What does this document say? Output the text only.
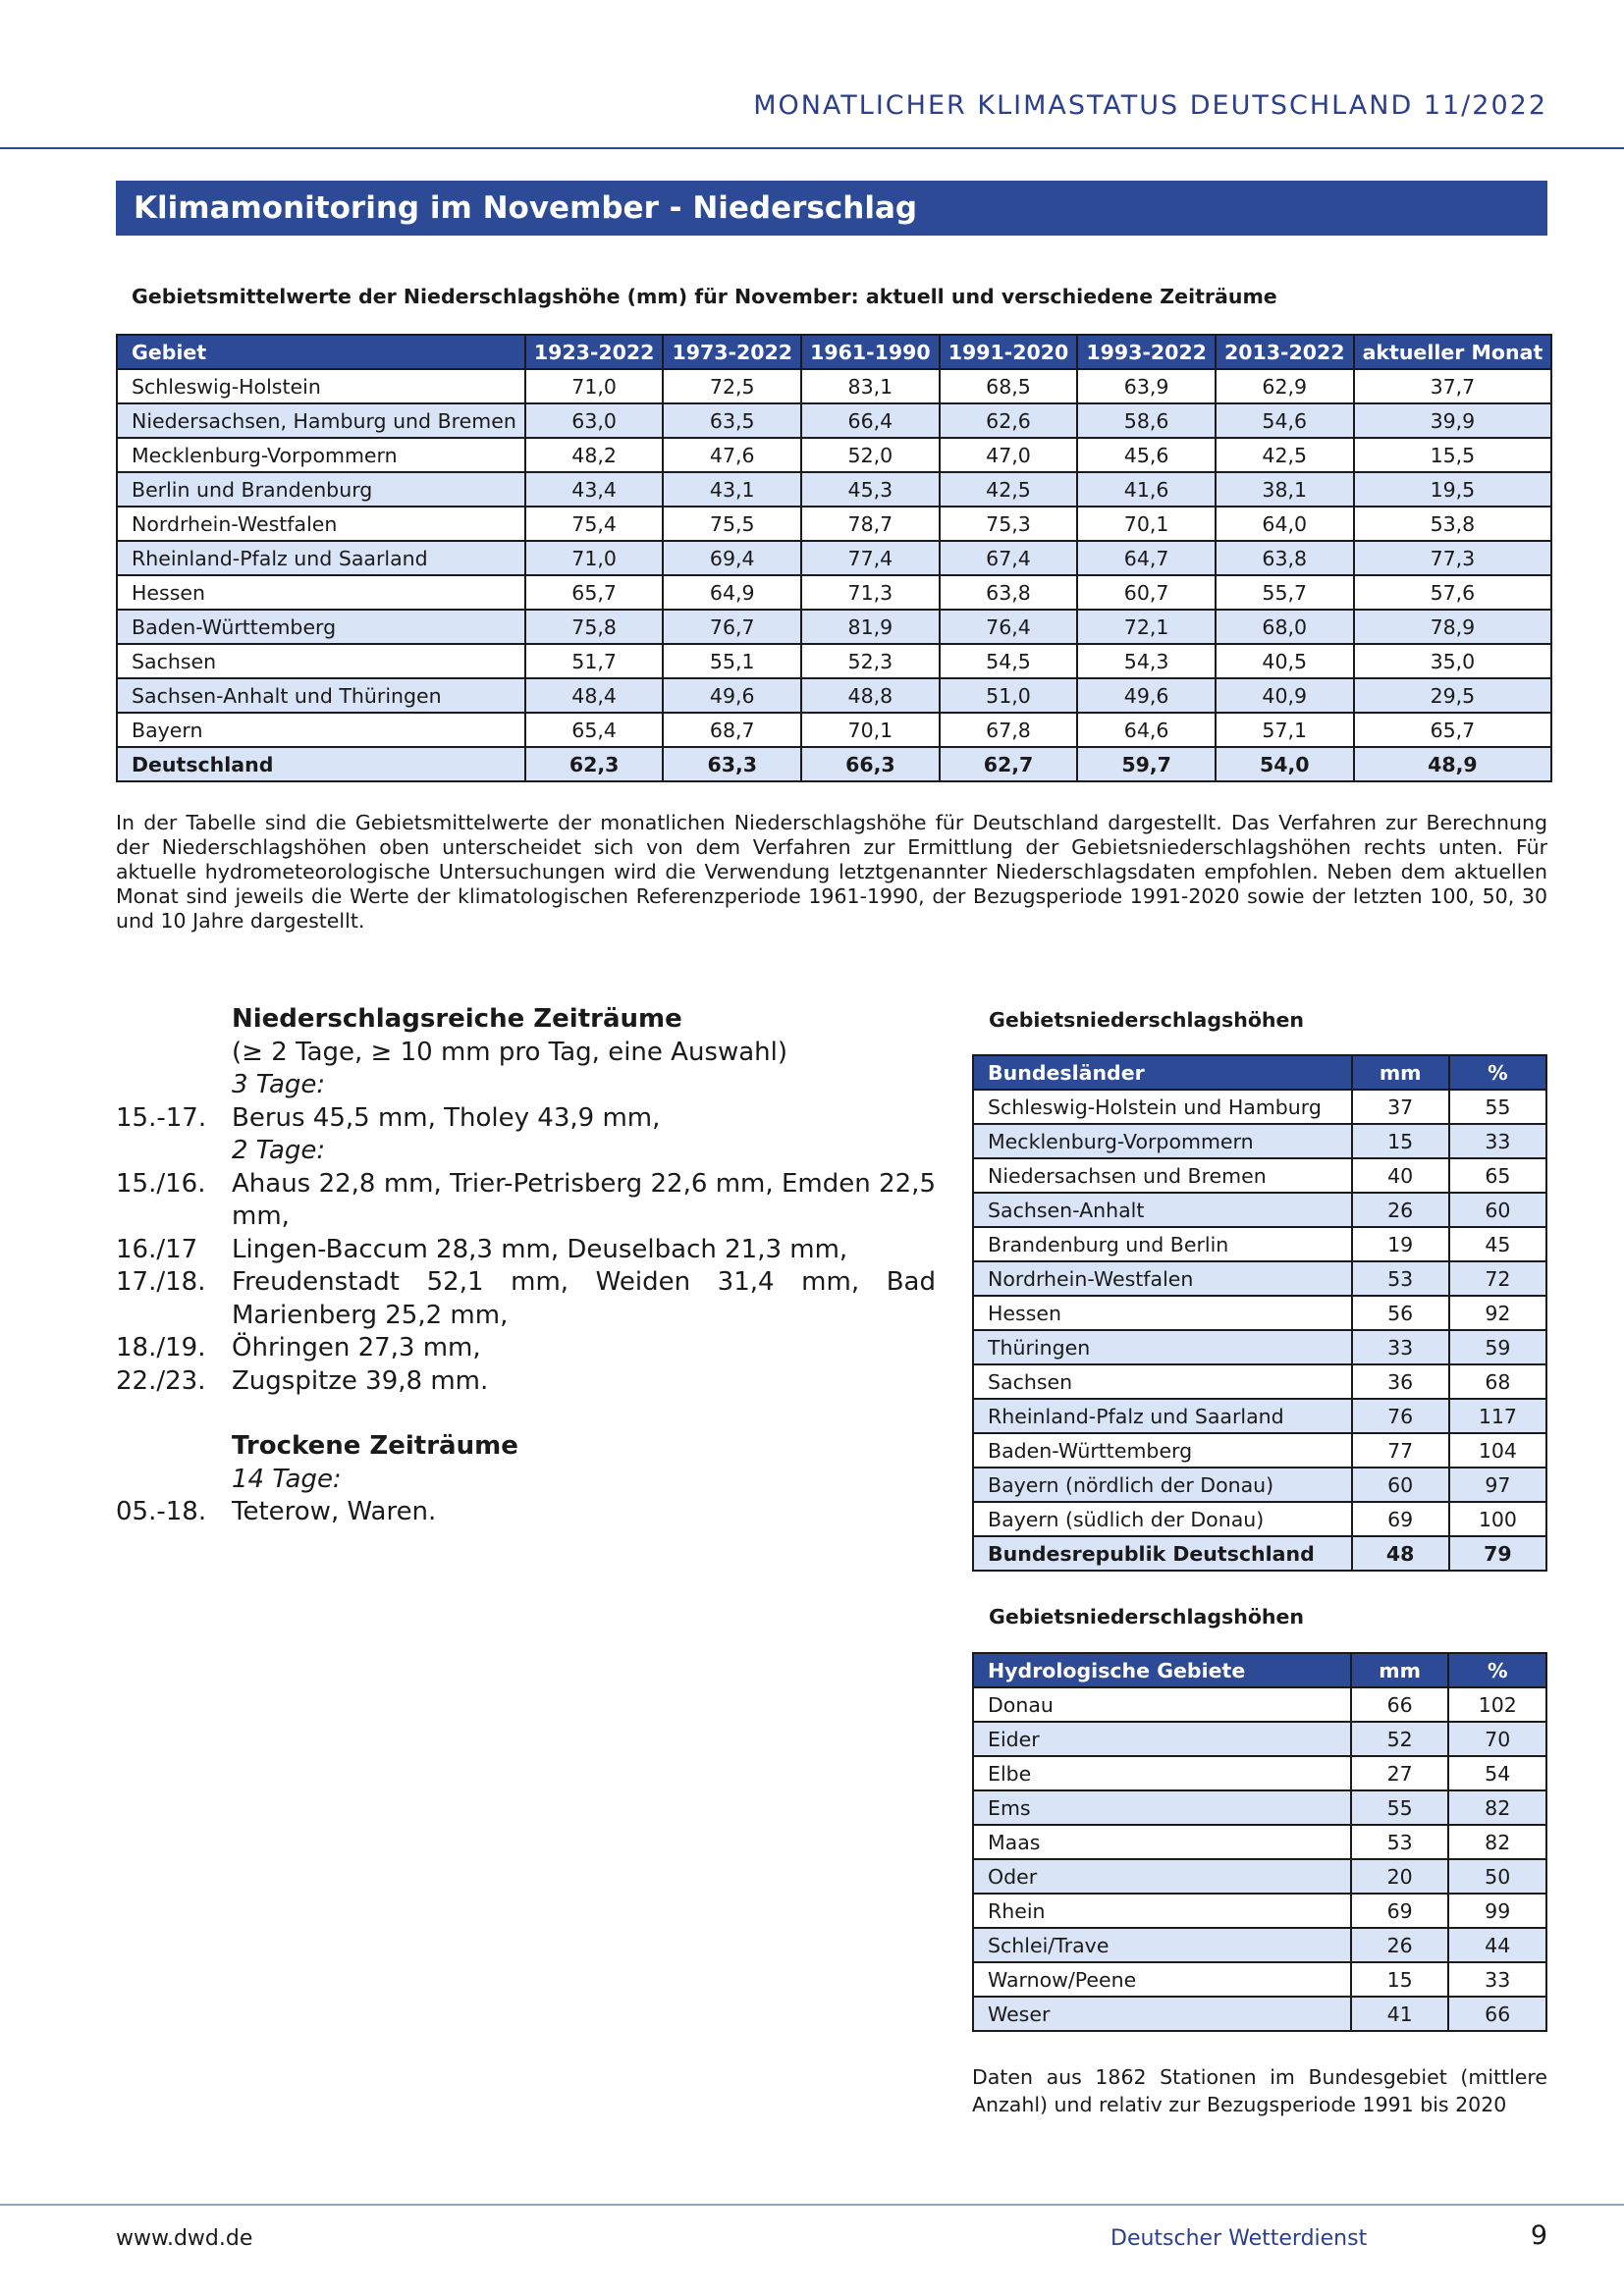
MONATLICHER KLIMASTATUS DEUTSCHLAND 11/2022
Klimamonitoring im November - Niederschlag
Gebietsmittelwerte der Niederschlagshöhe (mm) für November: aktuell und verschiedene Zeiträume
Gebiet	1923-2022	1973-2022	1961-1990	1991-2020	1993-2022	2013-2022	aktueller Monat
Schleswig-Holstein	71,0	72,5	83,1	68,5	63,9	62,9	37,7
Niedersachsen, Hamburg und Bremen	63,0	63,5	66,4	62,6	58,6	54,6	39,9
Mecklenburg-Vorpommern	48,2	47,6	52,0	47,0	45,6	42,5	15,5
Berlin und Brandenburg	43,4	43,1	45,3	42,5	41,6	38,1	19,5
Nordrhein-Westfalen	75,4	75,5	78,7	75,3	70,1	64,0	53,8
Rheinland-Pfalz und Saarland	71,0	69,4	77,4	67,4	64,7	63,8	77,3
Hessen	65,7	64,9	71,3	63,8	60,7	55,7	57,6
Baden-Württemberg	75,8	76,7	81,9	76,4	72,1	68,0	78,9
Sachsen	51,7	55,1	52,3	54,5	54,3	40,5	35,0
Sachsen-Anhalt und Thüringen	48,4	49,6	48,8	51,0	49,6	40,9	29,5
Bayern	65,4	68,7	70,1	67,8	64,6	57,1	65,7
Deutschland	62,3	63,3	66,3	62,7	59,7	54,0	48,9
In der Tabelle sind die Gebietsmittelwerte der monatlichen Niederschlagshöhe für Deutschland dargestellt. Das Verfahren zur Berechnung der Niederschlagshöhen oben unterscheidet sich von dem Verfahren zur Ermittlung der Gebietsniederschlagshöhen rechts unten. Für aktuelle hydrometeorologische Untersuchungen wird die Verwendung letztgenannter Niederschlagsdaten empfohlen. Neben dem aktuellen Monat sind jeweils die Werte der klimatologischen Referenzperiode 1961-1990, der Bezugsperiode 1991-2020 sowie der letzten 100, 50, 30 und 10 Jahre dargestellt.
Niederschlagsreiche Zeiträume
(≥ 2 Tage, ≥ 10 mm pro Tag, eine Auswahl)
3 Tage:
15.-17. Berus 45,5 mm, Tholey 43,9 mm,
2 Tage:
15./16.	Ahaus 22,8 mm, Trier-Petrisberg 22,6 mm, Emden 22,5 mm,
16./17	Lingen-Baccum 28,3 mm, Deuselbach 21,3 mm,
17./18.	Freudenstadt 52,1 mm, Weiden 31,4 mm, Bad Marienberg 25,2 mm,
18./19.	Öhringen 27,3 mm,
22./23.	Zugspitze 39,8 mm.
Trockene Zeiträume
14 Tage:
05.-18. Teterow, Waren.
Gebietsniederschlagshöhen
Bundesländer	mm	%
Schleswig-Holstein und Hamburg	37	55
Mecklenburg-Vorpommern	15	33
Niedersachsen und Bremen	40	65
Sachsen-Anhalt	26	60
Brandenburg und Berlin	19	45
Nordrhein-Westfalen	53	72
Hessen	56	92
Thüringen	33	59
Sachsen	36	68
Rheinland-Pfalz und Saarland	76	117
Baden-Württemberg	77	104
Bayern (nördlich der Donau)	60	97
Bayern (südlich der Donau)	69	100
Bundesrepublik Deutschland	48	79
Gebietsniederschlagshöhen
Hydrologische Gebiete	mm	%
Donau	66	102
Eider	52	70
Elbe	27	54
Ems	55	82
Maas	53	82
Oder	20	50
Rhein	69	99
Schlei/Trave	26	44
Warnow/Peene	15	33
Weser	41	66
Daten aus 1862 Stationen im Bundesgebiet (mittlere Anzahl) und relativ zur Bezugsperiode 1991 bis 2020
www.dwd.de	Deutscher Wetterdienst	9
